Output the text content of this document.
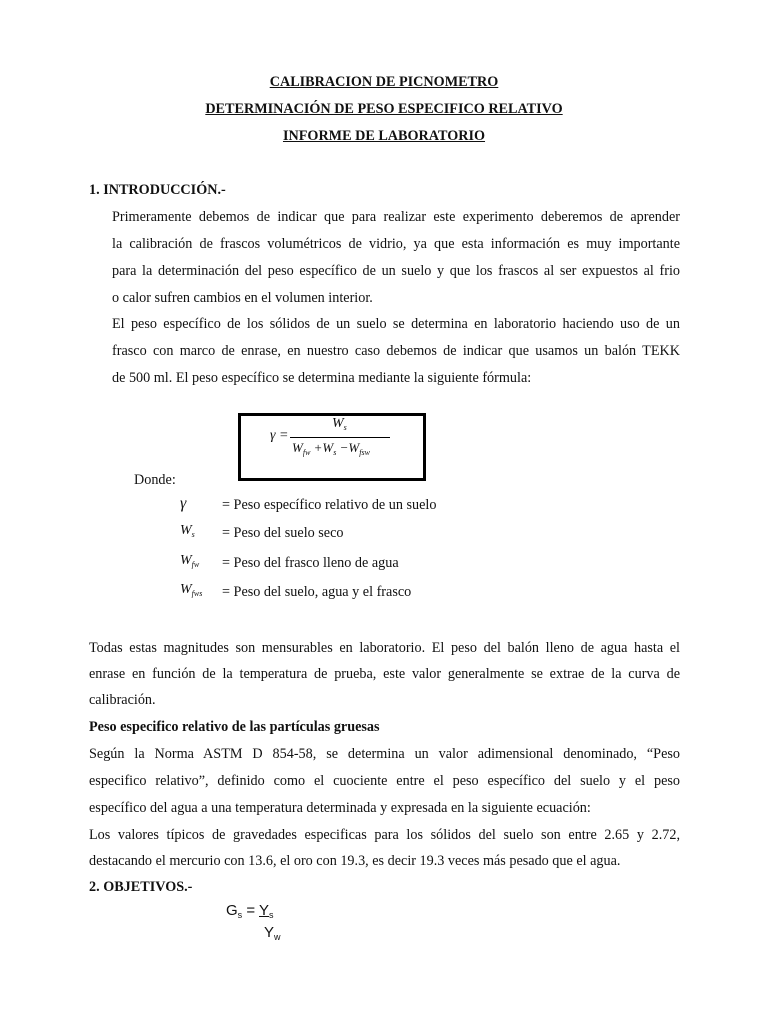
CALIBRACION DE PICNOMETRO
DETERMINACIÓN DE PESO ESPECIFICO RELATIVO
INFORME DE LABORATORIO
1. INTRODUCCIÓN.-
Primeramente debemos de indicar que para realizar este experimento deberemos de aprender
la calibración de frascos volumétricos de vidrio, ya que esta información es muy importante
para la determinación del peso específico de un suelo y que los frascos al ser expuestos al frio
o calor sufren cambios en el volumen interior.
El peso específico de los sólidos de un suelo se determina en laboratorio haciendo uso de un
frasco con marco de enrase, en nuestro caso debemos de indicar que usamos un balón TEKK
de 500 ml. El peso específico se determina mediante la siguiente fórmula:
γ =
$W_s$
$W_{fw} +W_s -W_{fsw}$
Donde:
γ	= Peso específico relativo de un suelo
$W_s$ = Peso del suelo seco
$W_{fw}$ = Peso del frasco lleno de agua
$W_{fws}$ = Peso del suelo, agua y el frasco
Todas estas magnitudes son mensurables en laboratorio. El peso del balón lleno de agua hasta el
enrase en función de la temperatura de prueba, este valor generalmente se extrae de la curva de
calibración.
Peso especifico relativo de las partículas gruesas
Según la Norma ASTM D 854-58, se determina un valor adimensional denominado, “Peso
especifico relativo”, definido como el cuociente entre el peso específico del suelo y el peso
específico del agua a una temperatura determinada y expresada en la siguiente ecuación:
Los valores típicos de gravedades especificas para los sólidos del suelo son entre 2.65 y 2.72,
destacando el mercurio con 13.6, el oro con 19.3, es decir 19.3 veces más pesado que el agua.
2. OBJETIVOS.-
$G_s = Y_s$
$Y_w$
